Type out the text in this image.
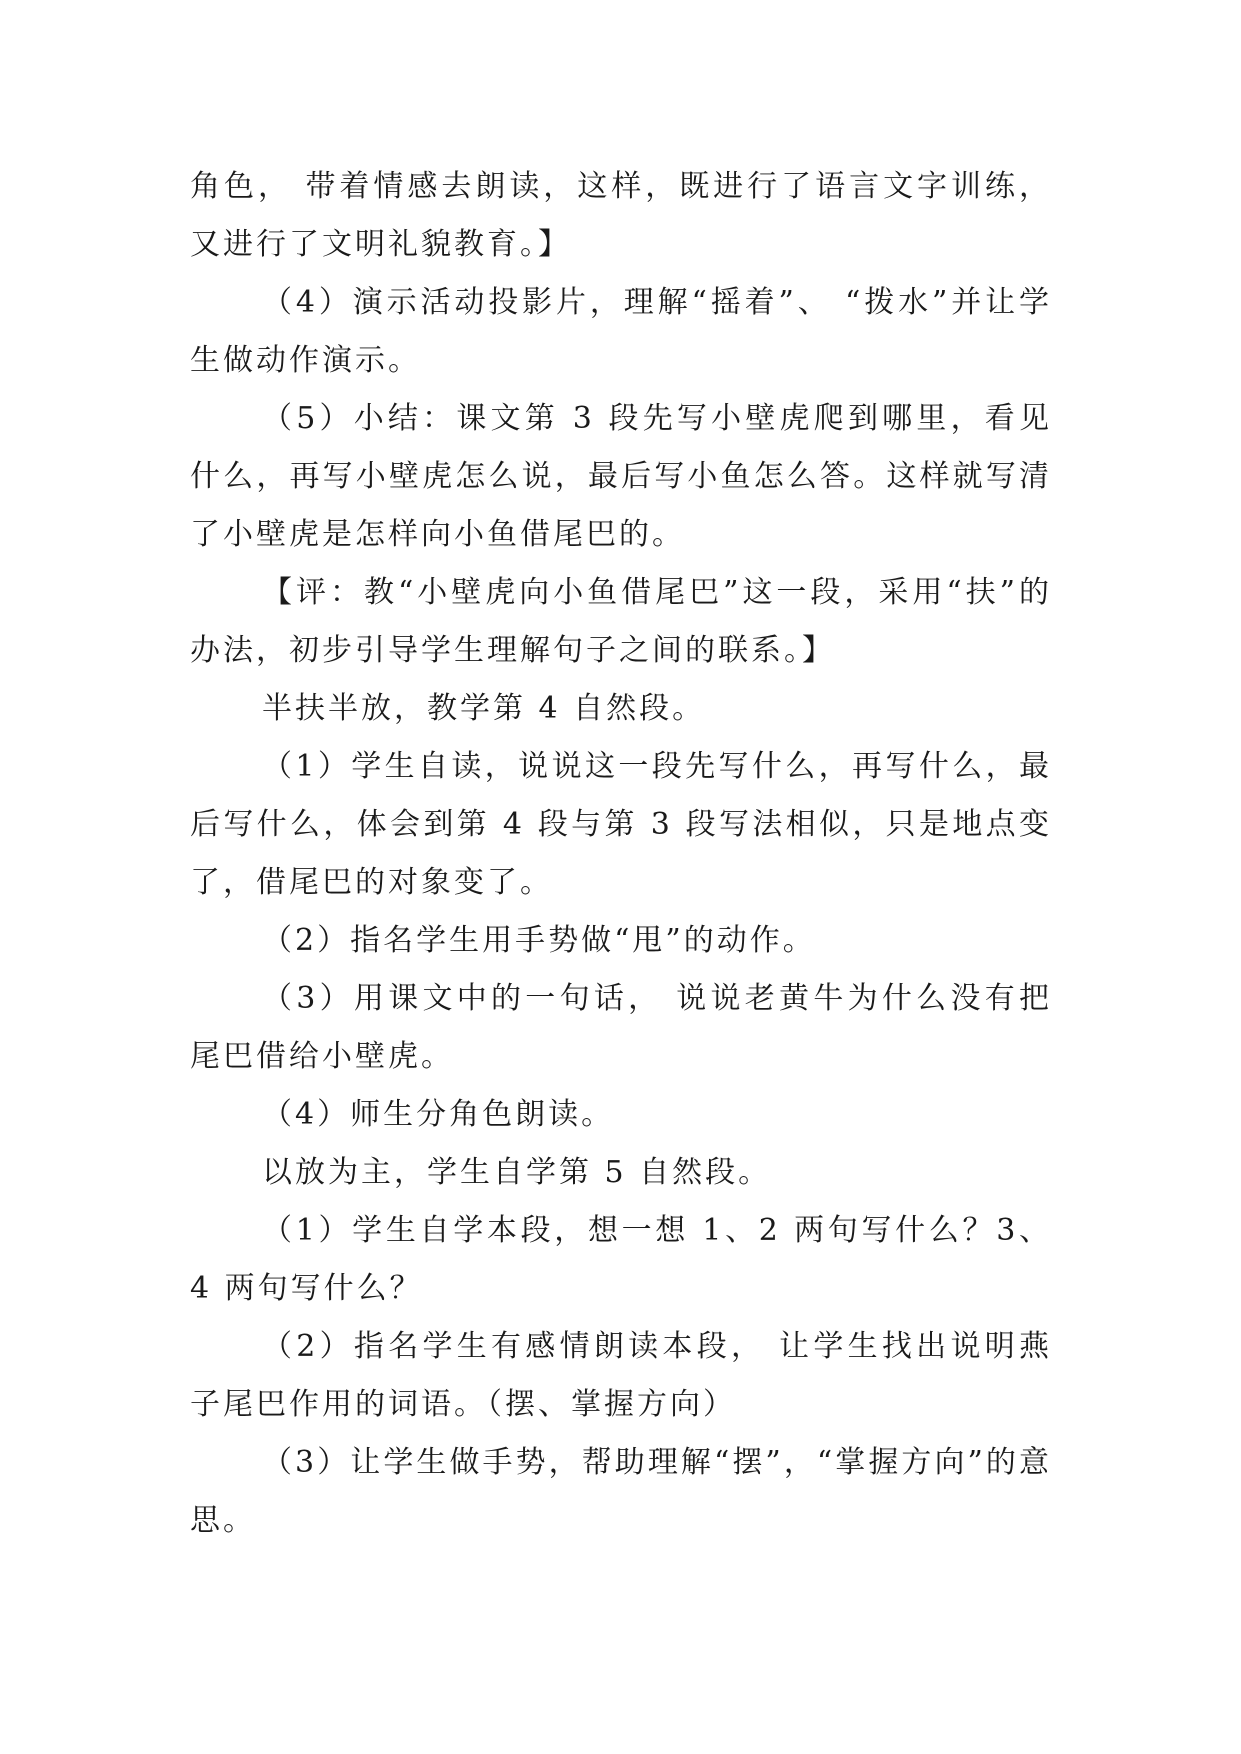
角色， 带着情感去朗读，这样，既进行了语言文字训练，又进行了文明礼貌教育。】

（4）演示活动投影片，理解“摇着”、 “拨水”并让学生做动作演示。

（5）小结：课文第 3 段先写小壁虎爬到哪里，看见什么，再写小壁虎怎么说，最后写小鱼怎么答。这样就写清了小壁虎是怎样向小鱼借尾巴的。

【评：教“小壁虎向小鱼借尾巴”这一段，采用“扶”的办法，初步引导学生理解句子之间的联系。】

半扶半放，教学第 4 自然段。

（1）学生自读，说说这一段先写什么，再写什么，最后写什么，体会到第 4 段与第 3 段写法相似，只是地点变了，借尾巴的对象变了。

（2）指名学生用手势做“甩”的动作。

（3）用课文中的一句话， 说说老黄牛为什么没有把尾巴借给小壁虎。

（4）师生分角色朗读。

以放为主，学生自学第 5 自然段。

（1）学生自学本段，想一想 1、2 两句写什么？3、4 两句写什么？

（2）指名学生有感情朗读本段， 让学生找出说明燕子尾巴作用的词语。（摆、掌握方向）

（3）让学生做手势，帮助理解“摆”，“掌握方向”的意思。
